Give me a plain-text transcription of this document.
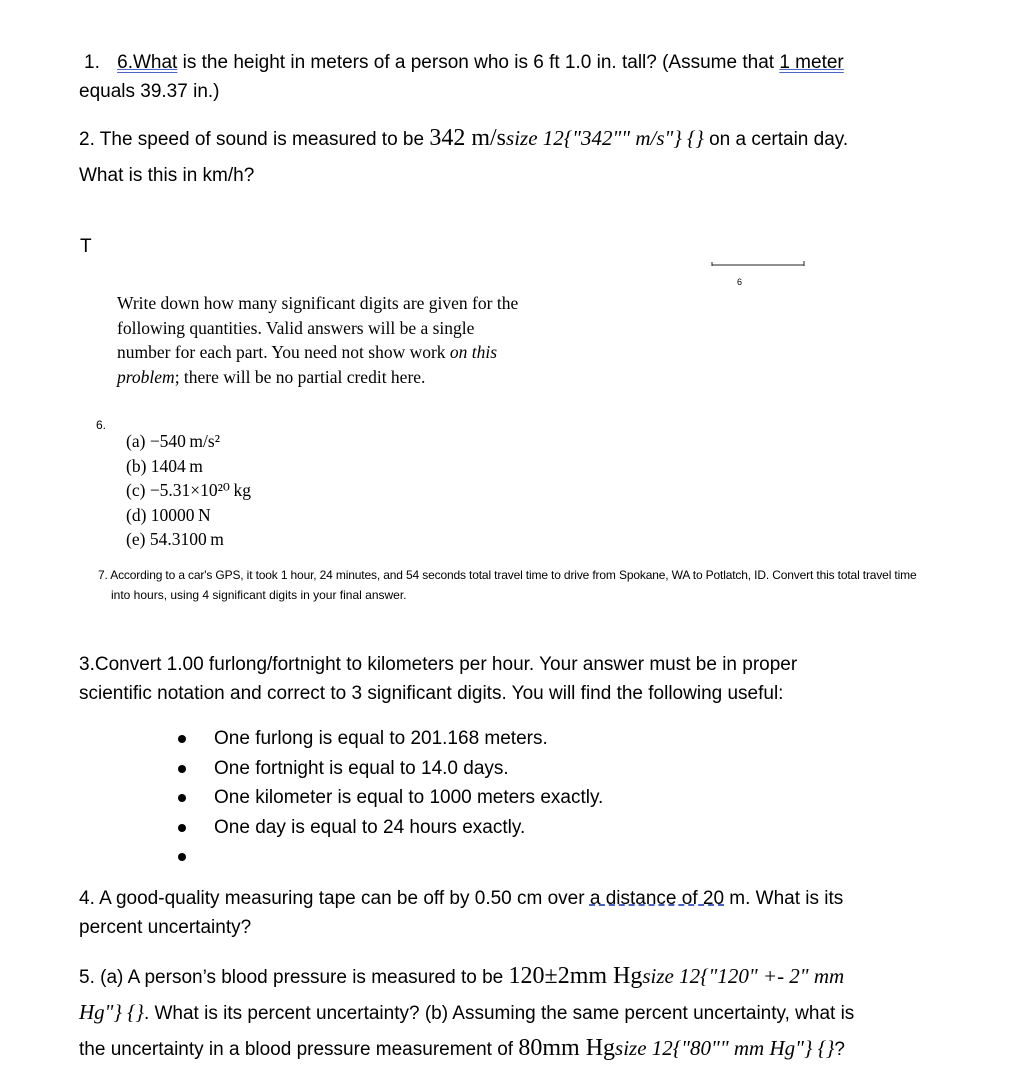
1. 6.What is the height in meters of a person who is 6 ft 1.0 in. tall? (Assume that 1 meter
equals 39.37 in.)
2. The speed of sound is measured to be 342 m/ssize 12{"342"" m/s"} {} on a certain day.
What is this in km/h?
T
6
Write down how many significant digits are given for the following quantities. Valid answers will be a single number for each part. You need not show work on this problem; there will be no partial credit here.
6.
(a) −540 m/s²
(b) 1404 m
(c) −5.31×10²⁰ kg
(d) 10000 N
(e) 54.3100 m
7. According to a car's GPS, it took 1 hour, 24 minutes, and 54 seconds total travel time to drive from Spokane, WA to Potlatch, ID. Convert this total travel time
into hours, using 4 significant digits in your final answer.
3.Convert 1.00 furlong/fortnight to kilometers per hour. Your answer must be in proper
scientific notation and correct to 3 significant digits. You will find the following useful:
One furlong is equal to 201.168 meters.
One fortnight is equal to 14.0 days.
One kilometer is equal to 1000 meters exactly.
One day is equal to 24 hours exactly.
4. A good-quality measuring tape can be off by 0.50 cm over a distance of 20 m. What is its
percent uncertainty?
5. (a) A person’s blood pressure is measured to be 120±2mm Hgsize 12{"120" +- 2" mm
Hg"} {}. What is its percent uncertainty? (b) Assuming the same percent uncertainty, what is
the uncertainty in a blood pressure measurement of 80mm Hgsize 12{"80"" mm Hg"} {}?
